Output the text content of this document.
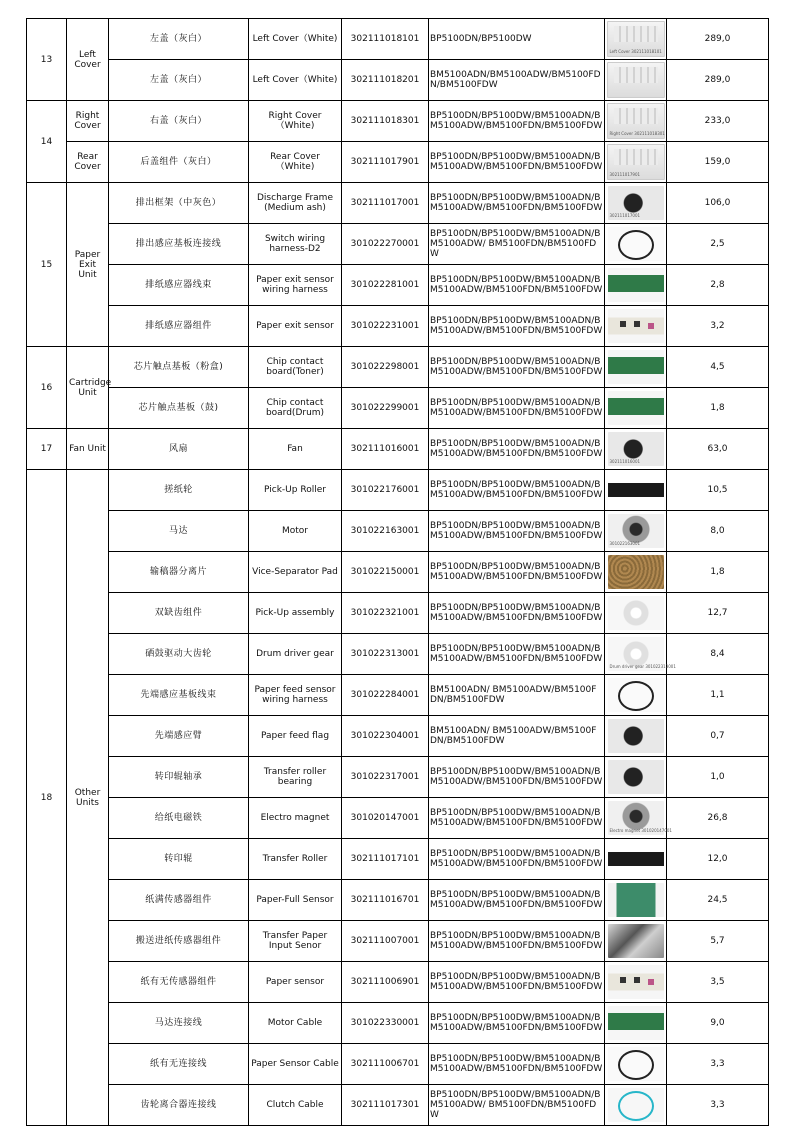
13	Left Cover	左盖（灰白）	Left Cover（White)	302111018101	BP5100DN/BP5100DW	Left Cover 302111018101	289,0
		左盖（灰白）	Left Cover（White)	302111018201	BM5100ADN/BM5100ADW/BM5100FDN/BM5100FDW		289,0
14	Right Cover	右盖（灰白）	Right Cover（White)	302111018301	BP5100DN/BP5100DW/BM5100ADN/BM5100ADW/BM5100FDN/BM5100FDW	Right Cover 302111018301	233,0
	Rear Cover	后盖组件（灰白）	Rear Cover（White)	302111017901	BP5100DN/BP5100DW/BM5100ADN/BM5100ADW/BM5100FDN/BM5100FDW	302111017901	159,0
15	Paper Exit Unit	排出框架（中灰色）	Discharge Frame (Medium ash)	302111017001	BP5100DN/BP5100DW/BM5100ADN/BM5100ADW/BM5100FDN/BM5100FDW	302111017001	106,0
		排出感应基板连接线	Switch wiring harness-D2	301022270001	BP5100DN/BP5100DW/BM5100ADN/BM5100ADW/ BM5100FDN/BM5100FDW		2,5
		排纸感应器线束	Paper exit sensor wiring harness	301022281001	BP5100DN/BP5100DW/BM5100ADN/BM5100ADW/BM5100FDN/BM5100FDW		2,8
		排纸感应器组件	Paper exit sensor	301022231001	BP5100DN/BP5100DW/BM5100ADN/BM5100ADW/BM5100FDN/BM5100FDW		3,2
16	Cartridge Unit	芯片触点基板（粉盒)	Chip contact board(Toner)	301022298001	BP5100DN/BP5100DW/BM5100ADN/BM5100ADW/BM5100FDN/BM5100FDW		4,5
		芯片触点基板（鼓)	Chip contact board(Drum)	301022299001	BP5100DN/BP5100DW/BM5100ADN/BM5100ADW/BM5100FDN/BM5100FDW		1,8
17	Fan Unit	风扇	Fan	302111016001	BP5100DN/BP5100DW/BM5100ADN/BM5100ADW/BM5100FDN/BM5100FDW	302111016001	63,0
18	Other Units	搓纸轮	Pick-Up Roller	301022176001	BP5100DN/BP5100DW/BM5100ADN/BM5100ADW/BM5100FDN/BM5100FDW		10,5
		马达	Motor	301022163001	BP5100DN/BP5100DW/BM5100ADN/BM5100ADW/BM5100FDN/BM5100FDW	301022163001	8,0
		输稿器分离片	Vice-Separator Pad	301022150001	BP5100DN/BP5100DW/BM5100ADN/BM5100ADW/BM5100FDN/BM5100FDW		1,8
		双缺齿组件	Pick-Up assembly	301022321001	BP5100DN/BP5100DW/BM5100ADN/BM5100ADW/BM5100FDN/BM5100FDW		12,7
		硒鼓驱动大齿轮	Drum driver gear	301022313001	BP5100DN/BP5100DW/BM5100ADN/BM5100ADW/BM5100FDN/BM5100FDW	Drum driver gear 301022313001	8,4
		先端感应基板线束	Paper feed sensor wiring harness	301022284001	BM5100ADN/ BM5100ADW/BM5100FDN/BM5100FDW		1,1
		先端感应臂	Paper feed flag	301022304001	BM5100ADN/ BM5100ADW/BM5100FDN/BM5100FDW		0,7
		转印辊轴承	Transfer roller bearing	301022317001	BP5100DN/BP5100DW/BM5100ADN/BM5100ADW/BM5100FDN/BM5100FDW		1,0
		给纸电磁铁	Electro magnet	301020147001	BP5100DN/BP5100DW/BM5100ADN/BM5100ADW/BM5100FDN/BM5100FDW	Electro magnet 301020147001	26,8
		转印辊	Transfer Roller	302111017101	BP5100DN/BP5100DW/BM5100ADN/BM5100ADW/BM5100FDN/BM5100FDW		12,0
		纸满传感器组件	Paper-Full Sensor	302111016701	BP5100DN/BP5100DW/BM5100ADN/BM5100ADW/BM5100FDN/BM5100FDW		24,5
		搬送进纸传感器组件	Transfer Paper Input Senor	302111007001	BP5100DN/BP5100DW/BM5100ADN/BM5100ADW/BM5100FDN/BM5100FDW		5,7
		纸有无传感器组件	Paper sensor	302111006901	BP5100DN/BP5100DW/BM5100ADN/BM5100ADW/BM5100FDN/BM5100FDW		3,5
		马达连接线	Motor Cable	301022330001	BP5100DN/BP5100DW/BM5100ADN/BM5100ADW/BM5100FDN/BM5100FDW		9,0
		纸有无连接线	Paper Sensor Cable	302111006701	BP5100DN/BP5100DW/BM5100ADN/BM5100ADW/BM5100FDN/BM5100FDW		3,3
		齿轮离合器连接线	Clutch Cable	302111017301	BP5100DN/BP5100DW/BM5100ADN/BM5100ADW/ BM5100FDN/BM5100FDW		3,3
